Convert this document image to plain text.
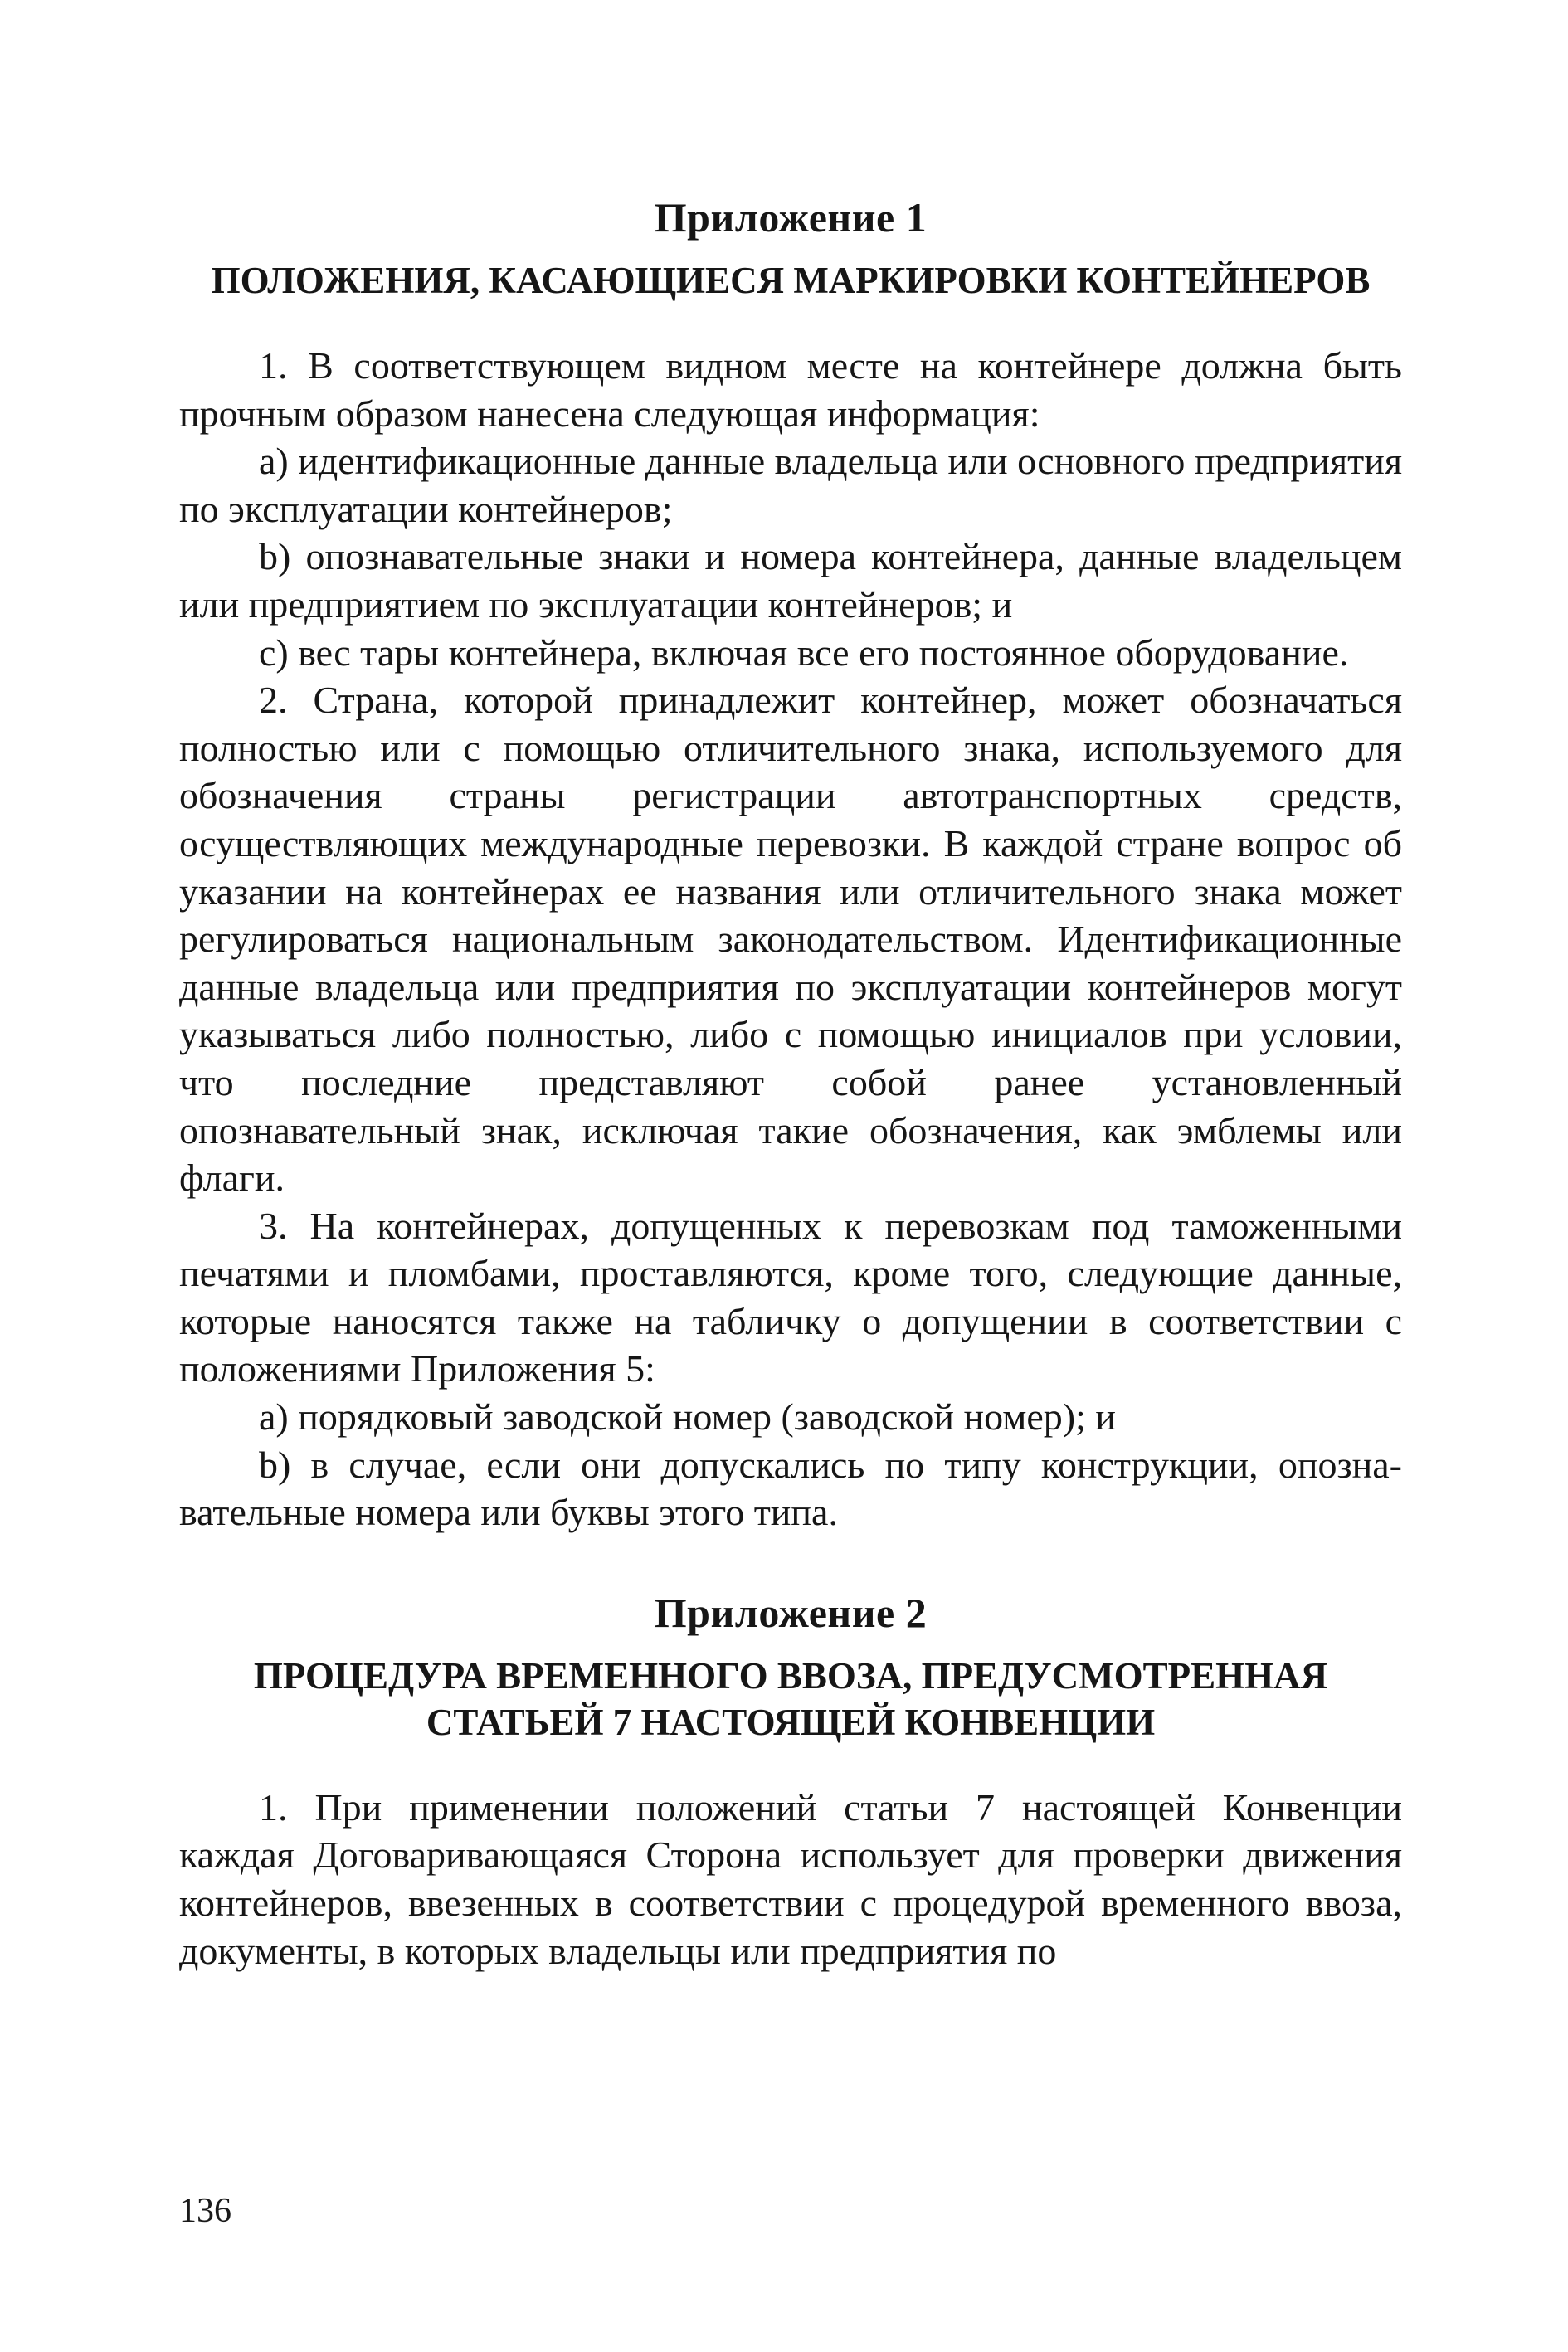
Приложение 1
ПОЛОЖЕНИЯ, КАСАЮЩИЕСЯ МАРКИРОВКИ КОНТЕЙНЕРОВ

1. В соответствующем видном месте на контейнере должна быть прочным образом нанесена следующая информация:

a) идентификационные данные владельца или основного предприятия по эксплуатации контейнеров;

b) опознавательные знаки и номера контейнера, данные владельцем или предприятием по эксплуатации контейнеров; и

c) вес тары контейнера, включая все его постоянное оборудование.

2. Страна, которой принадлежит контейнер, может обозначаться полностью или с помощью отличительного знака, используемого для обозначения страны регистрации автотранспортных средств, осуществляющих международные перевозки. В каждой стране вопрос об указании на контейнерах ее названия или отличительного знака может регулироваться национальным законодательством. Идентификационные данные владельца или предприятия по эксплуатации контейнеров могут указываться либо полностью, либо с помощью инициалов при условии, что последние представляют собой ранее установленный опознавательный знак, исключая такие обозначения, как эмблемы или флаги.

3. На контейнерах, допущенных к перевозкам под таможенными печатями и пломбами, проставляются, кроме того, следующие данные, которые наносятся также на табличку о допущении в соответствии с положениями Приложения 5:

a) порядковый заводской номер (заводской номер); и

b) в случае, если они допускались по типу конструкции, опознавательные номера или буквы этого типа.

Приложение 2
ПРОЦЕДУРА ВРЕМЕННОГО ВВОЗА, ПРЕДУСМОТРЕННАЯ
СТАТЬЕЙ 7 НАСТОЯЩЕЙ КОНВЕНЦИИ

1. При применении положений статьи 7 настоящей Конвенции каждая Договаривающаяся Сторона использует для проверки движения контейнеров, ввезенных в соответствии с процедурой временного ввоза, документы, в которых владельцы или предприятия по

136
